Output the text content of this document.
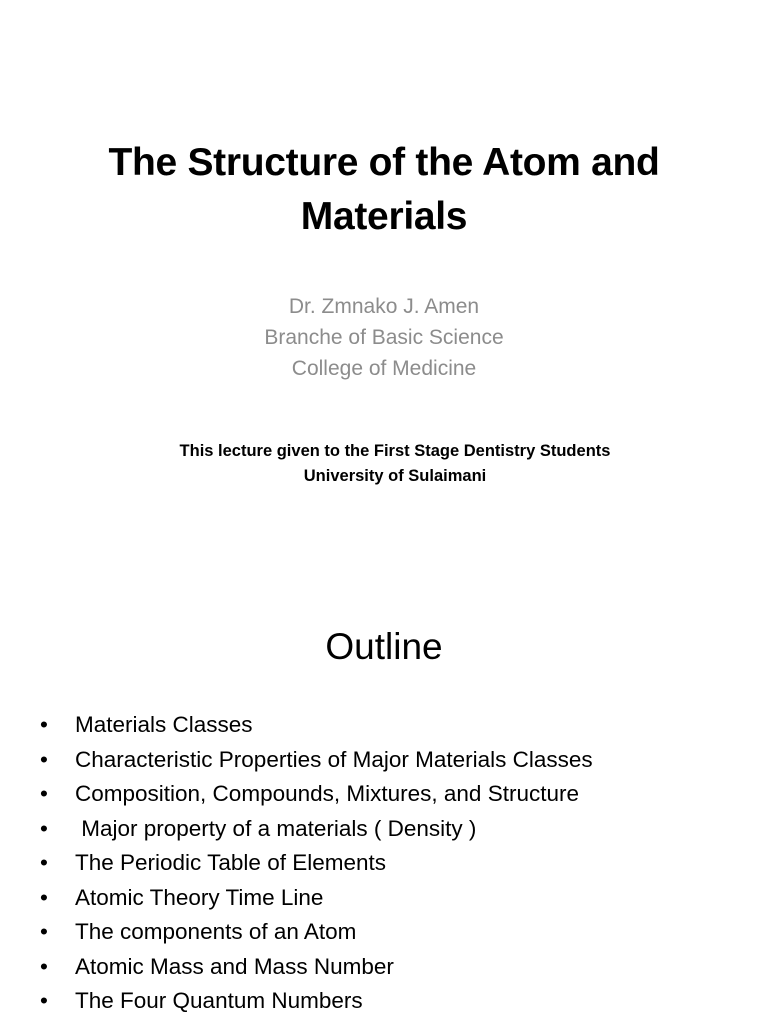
The Structure of the Atom and Materials
Dr. Zmnako J. Amen
Branche of Basic Science
College of Medicine
This lecture given to the First Stage Dentistry Students
University of Sulaimani
Outline
•	Materials Classes
•	Characteristic Properties of Major Materials Classes
•	Composition, Compounds, Mixtures, and Structure
•	Major property of a materials ( Density )
•	The Periodic Table of Elements
•	Atomic Theory Time Line
•	The components of an Atom
•	Atomic Mass and Mass Number
•	The Four Quantum Numbers
